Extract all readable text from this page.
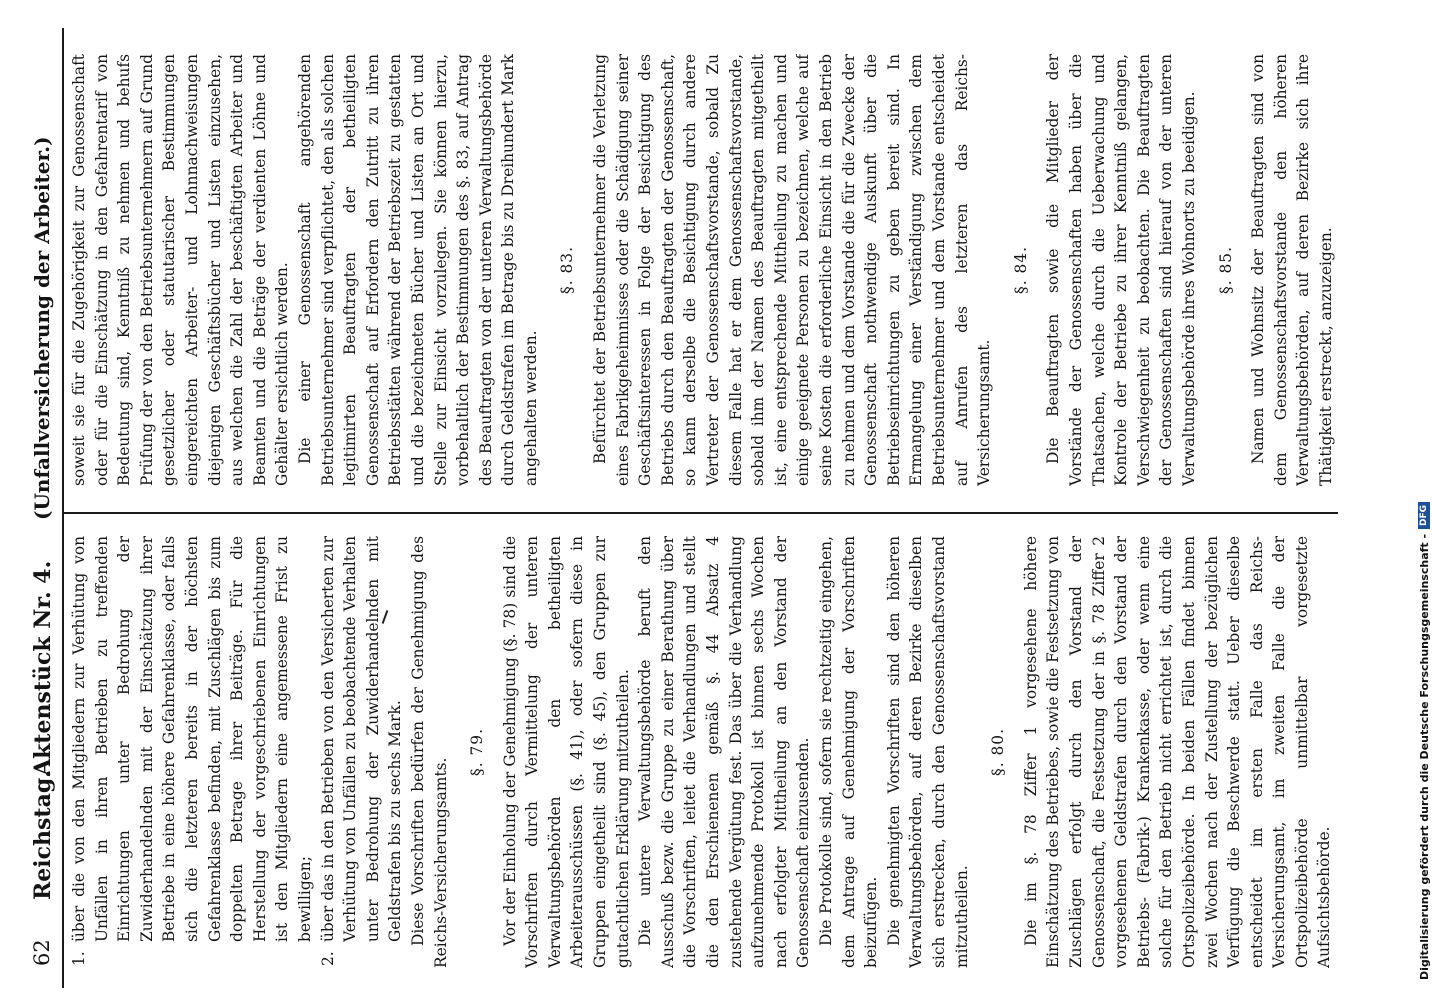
62
Reichstag.
Aktenstück Nr. 4.
(Unfallversicherung der Arbeiter.)

1.
über die von den Mitgliedern zur Verhütung von Unfällen in ihren Betrieben zu treffenden Einrichtungen unter Bedrohung der Zuwiderhandelnden mit der Einschätzung ihrer Betriebe in eine höhere Gefahrenklasse, oder falls sich die letzteren bereits in der höchsten Gefahrenklasse befinden, mit Zuschlägen bis zum doppelten Betrage ihrer Beiträge. Für die Herstellung der vorgeschriebenen Einrichtungen ist den Mitgliedern eine angemessene Frist zu bewilligen;

2.
über das in den Betrieben von den Versicherten zur Verhütung von Unfällen zu beobachtende Verhalten unter Bedrohung der Zuwiderhandelnden mit Geldstrafen bis zu sechs Mark. Diese Vorschriften bedürfen der Genehmigung des Reichs-Versicherungsamts.

§. 79. Vor der Einholung der Genehmigung (§. 78) sind die Vorschriften durch Vermittelung der unteren Verwaltungsbehörden den betheiligten Arbeiterausschüssen (§. 41), oder sofern diese in Gruppen eingetheilt sind (§. 45), den Gruppen zur gutachtlichen Erklärung mitzutheilen. Die untere Verwaltungsbehörde beruft den Ausschuß bezw. die Gruppe zu einer Berathung über die Vorschriften, leitet die Verhandlungen und stellt die den Erschienenen gemäß §. 44 Absatz 4 zustehende Vergütung fest. Das über die Verhandlung aufzunehmende Protokoll ist binnen sechs Wochen nach erfolgter Mittheilung an den Vorstand der Genossenschaft einzusenden. Die Protokolle sind, sofern sie rechtzeitig eingehen, dem Antrage auf Genehmigung der Vorschriften beizufügen. Die genehmigten Vorschriften sind den höheren Verwaltungsbehörden, auf deren Bezirke dieselben sich erstrecken, durch den Genossenschaftsvorstand mitzutheilen.

§. 80. Die im §. 78 Ziffer 1 vorgesehene höhere Einschätzung des Betriebes, sowie die Festsetzung von Zuschlägen erfolgt durch den Vorstand der Genossenschaft, die Festsetzung der in §. 78 Ziffer 2 vorgesehenen Geldstrafen durch den Vorstand der Betriebs- (Fabrik-) Krankenkasse, oder wenn eine solche für den Betrieb nicht errichtet ist, durch die Ortspolizeibehörde. In beiden Fällen findet binnen zwei Wochen nach der Zustellung der bezüglichen Verfügung die Beschwerde statt. Ueber dieselbe entscheidet im ersten Falle das Reichs-Versicherungsamt, im zweiten Falle die der Ortspolizeibehörde unmittelbar vorgesetzte Aufsichtsbehörde.

soweit sie für die Zugehörigkeit zur Genossenschaft oder für die Einschätzung in den Gefahrentarif von Bedeutung sind, Kenntniß zu nehmen und behufs Prüfung der von den Betriebsunternehmern auf Grund gesetzlicher oder statutarischer Bestimmungen eingereichten Arbeiter- und Lohnnachweisungen diejenigen Geschäftsbücher und Listen einzusehen, aus welchen die Zahl der beschäftigten Arbeiter und Beamten und die Beträge der verdienten Löhne und Gehälter ersichtlich werden. Die einer Genossenschaft angehörenden Betriebsunternehmer sind verpflichtet, den als solchen legitimirten Beauftragten der betheiligten Genossenschaft auf Erfordern den Zutritt zu ihren Betriebsstätten während der Betriebszeit zu gestatten und die bezeichneten Bücher und Listen an Ort und Stelle zur Einsicht vorzulegen. Sie können hierzu, vorbehaltlich der Bestimmungen des §. 83, auf Antrag des Beauftragten von der unteren Verwaltungsbehörde durch Geldstrafen im Betrage bis zu Dreihundert Mark angehalten werden.

§. 83. Befürchtet der Betriebsunternehmer die Verletzung eines Fabrikgeheimnisses oder die Schädigung seiner Geschäftsinteressen in Folge der Besichtigung des Betriebs durch den Beauftragten der Genossenschaft, so kann derselbe die Besichtigung durch andere Vertreter der Genossenschaftsvorstande, sobald Zu diesem Falle hat er dem Genossenschaftsvorstande, sobald ihm der Namen des Beauftragten mitgetheilt ist, eine entsprechende Mittheilung zu machen und einige geeignete Personen zu bezeichnen, welche auf seine Kosten die erforderliche Einsicht in den Betrieb zu nehmen und dem Vorstande die für die Zwecke der Genossenschaft nothwendige Auskunft über die Betriebseinrichtungen zu geben bereit sind. In Ermangelung einer Verständigung zwischen dem Betriebsunternehmer und dem Vorstande entscheidet auf Anrufen des letzteren das Reichs-Versicherungsamt.

§. 84. Die Beauftragten sowie die Mitglieder der Vorstände der Genossenschaften haben über die Thatsachen, welche durch die Ueberwachung und Kontrole der Betriebe zu ihrer Kenntniß gelangen, Verschwiegenheit zu beobachten. Die Beauftragten der Genossenschaften sind hierauf von der unteren Verwaltungsbehörde ihres Wohnorts zu beeidigen. §. 85. Namen und Wohnsitz der Beauftragten sind von dem Genossenschaftsvorstande den höheren Verwaltungsbehörden, auf deren Bezirke sich ihre Thätigkeit erstreckt, anzuzeigen.

Digitalisierung gefördert durch die Deutsche Forschungsgemeinschaft -
DFG
